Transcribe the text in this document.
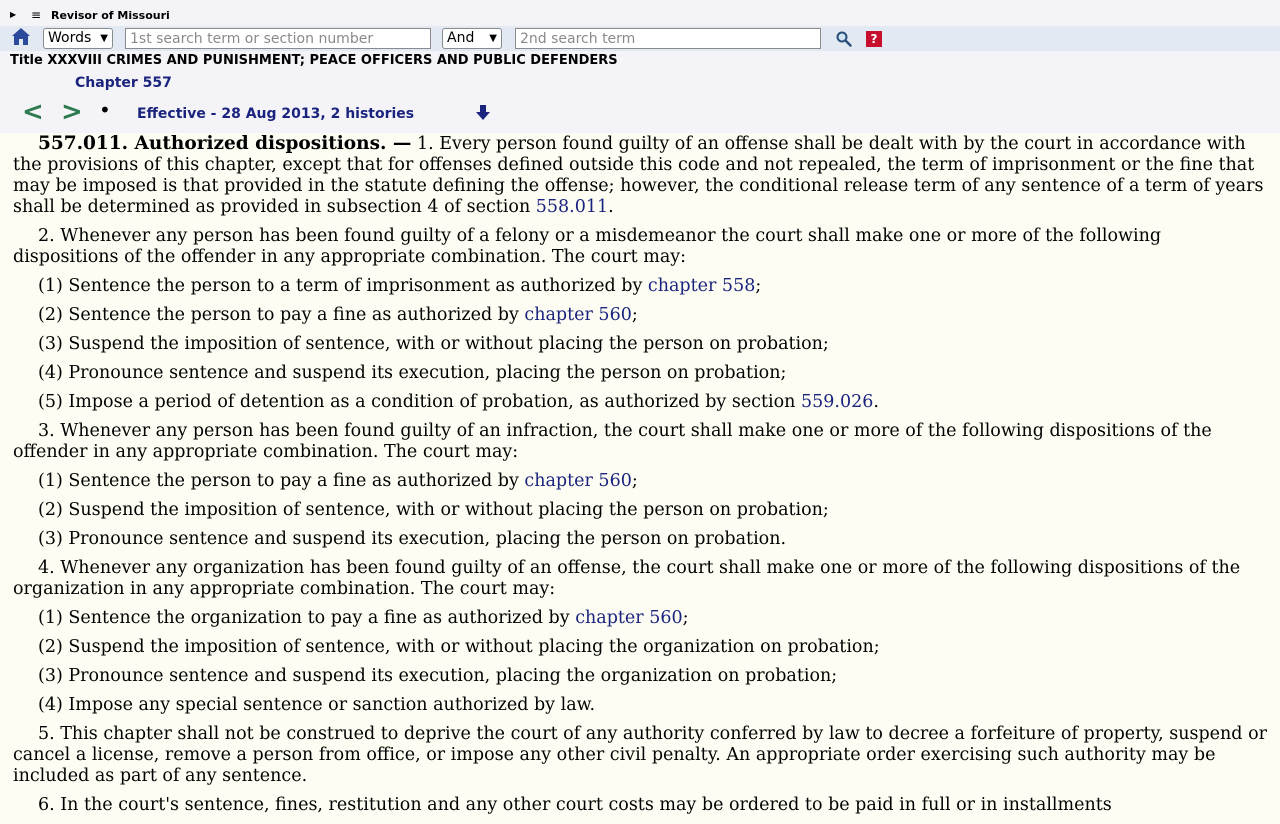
▶ ≡ Revisor of Missouri
Words ▼
1st search term or section number	And ▼
2nd search term	?
Title XXXVIII CRIMES AND PUNISHMENT; PEACE OFFICERS AND PUBLIC DEFENDERS
Chapter 557
< > • Effective - 28 Aug 2013, 2 histories

557.011. Authorized dispositions. — 1. Every person found guilty of an offense shall be dealt with by the court in accordance with the provisions of this chapter, except that for offenses defined outside this code and not repealed, the term of imprisonment or the fine that may be imposed is that provided in the statute defining the offense; however, the conditional release term of any sentence of a term of years shall be determined as provided in subsection 4 of section 558.011.

2. Whenever any person has been found guilty of a felony or a misdemeanor the court shall make one or more of the following dispositions of the offender in any appropriate combination. The court may:

(1) Sentence the person to a term of imprisonment as authorized by chapter 558;

(2) Sentence the person to pay a fine as authorized by chapter 560;

(3) Suspend the imposition of sentence, with or without placing the person on probation;

(4) Pronounce sentence and suspend its execution, placing the person on probation;

(5) Impose a period of detention as a condition of probation, as authorized by section 559.026.

3. Whenever any person has been found guilty of an infraction, the court shall make one or more of the following dispositions of the offender in any appropriate combination. The court may:

(1) Sentence the person to pay a fine as authorized by chapter 560;

(2) Suspend the imposition of sentence, with or without placing the person on probation;

(3) Pronounce sentence and suspend its execution, placing the person on probation.

4. Whenever any organization has been found guilty of an offense, the court shall make one or more of the following dispositions of the organization in any appropriate combination. The court may:

(1) Sentence the organization to pay a fine as authorized by chapter 560;

(2) Suspend the imposition of sentence, with or without placing the organization on probation;

(3) Pronounce sentence and suspend its execution, placing the organization on probation;

(4) Impose any special sentence or sanction authorized by law.

5. This chapter shall not be construed to deprive the court of any authority conferred by law to decree a forfeiture of property, suspend or cancel a license, remove a person from office, or impose any other civil penalty. An appropriate order exercising such authority may be included as part of any sentence.

6. In the court's sentence, fines, restitution and any other court costs may be ordered to be paid in full or in installments
